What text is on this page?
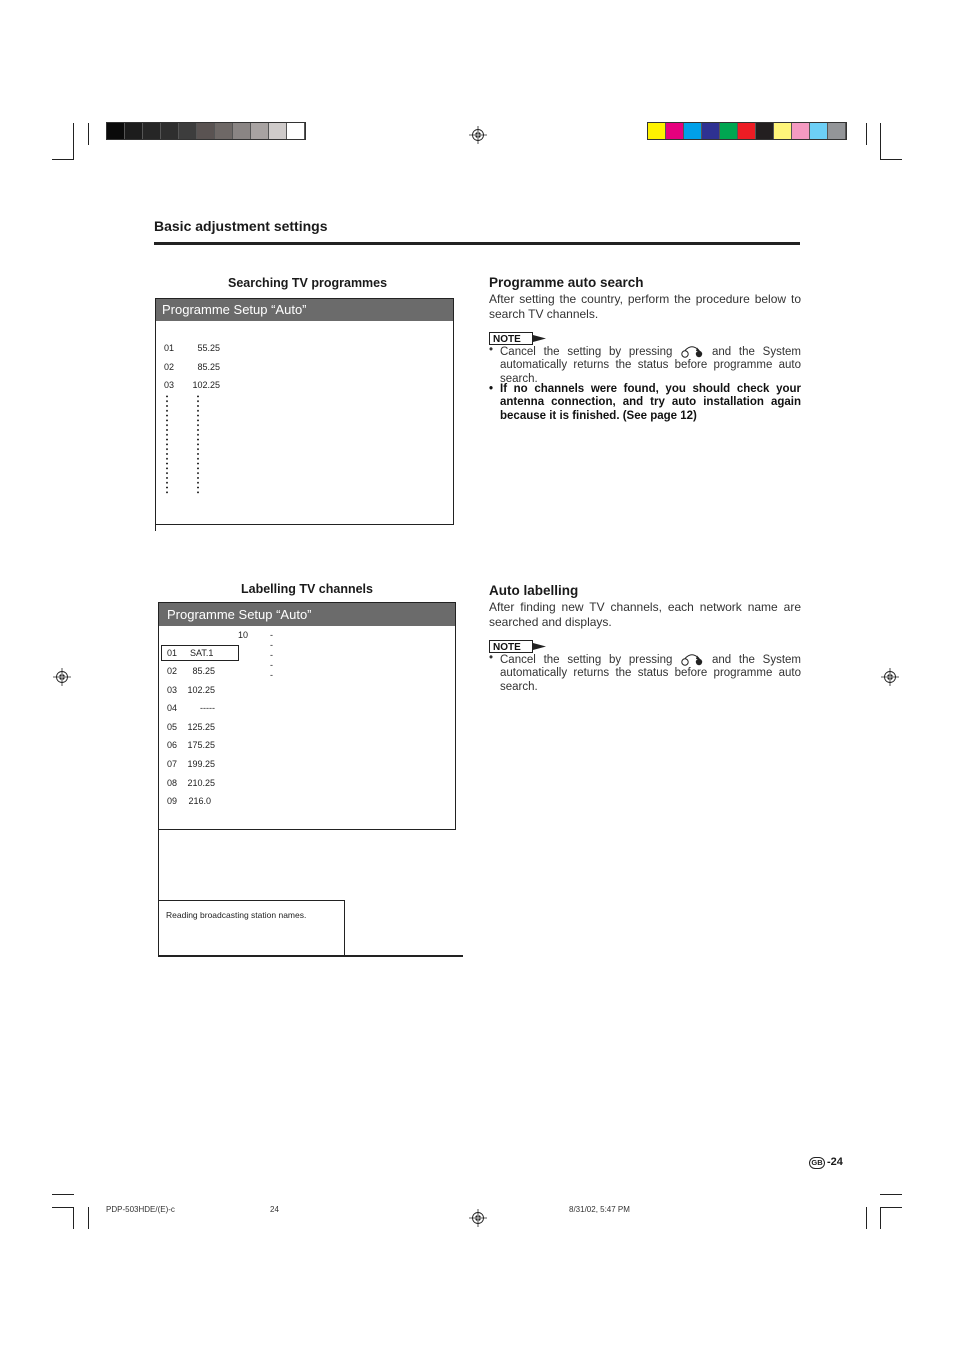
Basic adjustment settings
Searching TV programmes
Programme Setup “Auto”
01	55.25
02	85.25
03	102.25
Labelling TV channels
Programme Setup “Auto”
10 -----
01 SAT.1
02	85.25
03	102.25
04	-----
05	125.25
06	175.25
07	199.25
08	210.25
09	216.0
Reading broadcasting station names.
Programme auto search
After setting the country, perform the procedure below to search TV channels.
NOTE
• Cancel the setting by pressing	and the System automatically returns the status before programme auto search.
• If no channels were found, you should check your antenna connection, and try auto installation again because it is finished. (See page 12)
Auto labelling
After finding new TV channels, each network name are searched and displays.
NOTE
• Cancel the setting by pressing	and the System automatically returns the status before programme auto search.
GB -24
PDP-503HDE/(E)-c	24	8/31/02, 5:47 PM
